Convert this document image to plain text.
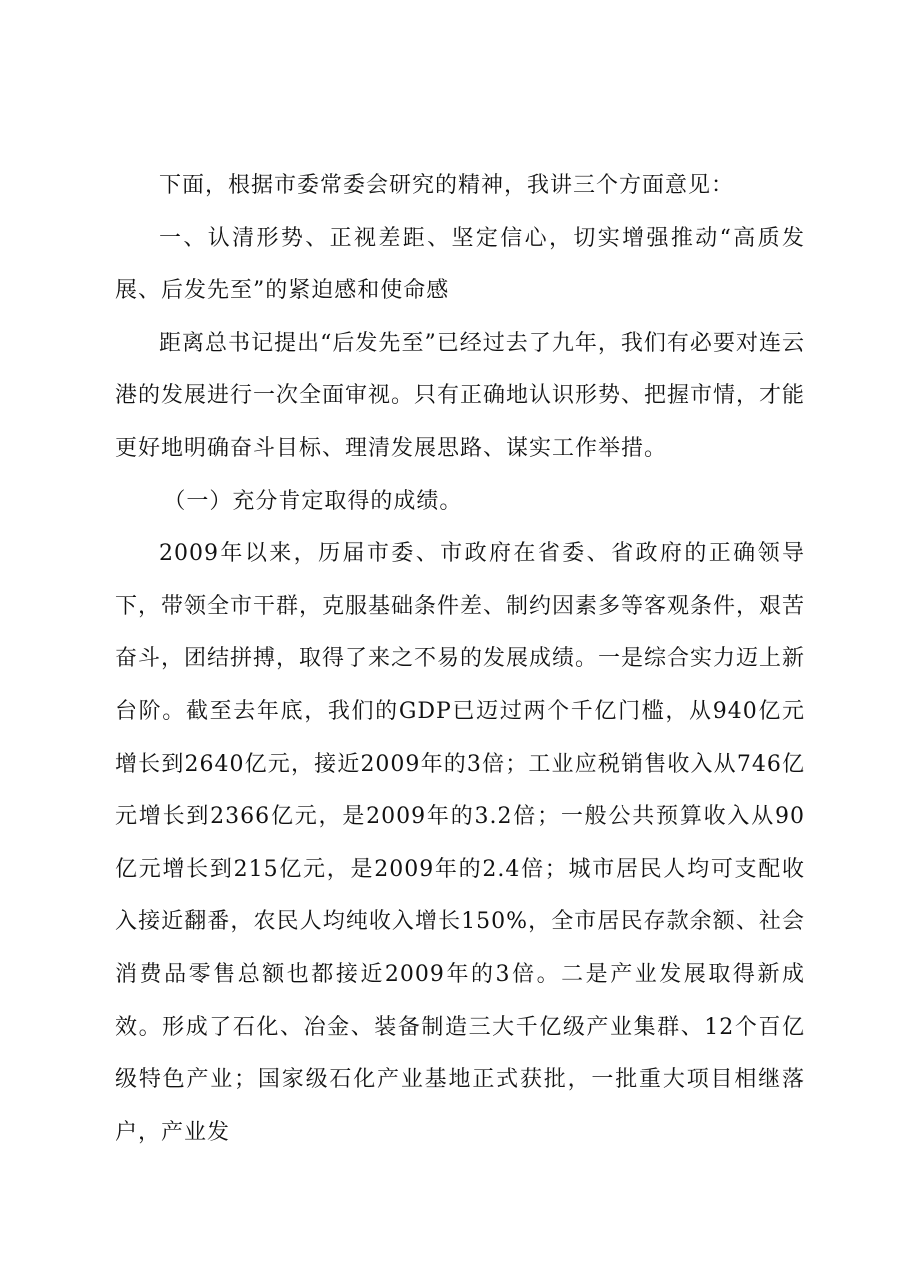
下面，根据市委常委会研究的精神，我讲三个方面意见：

一、认清形势、正视差距、坚定信心，切实增强推动“高质发展、后发先至”的紧迫感和使命感

距离总书记提出“后发先至”已经过去了九年，我们有必要对连云港的发展进行一次全面审视。只有正确地认识形势、把握市情，才能更好地明确奋斗目标、理清发展思路、谋实工作举措。

（一）充分肯定取得的成绩。

2009年以来，历届市委、市政府在省委、省政府的正确领导下，带领全市干群，克服基础条件差、制约因素多等客观条件，艰苦奋斗，团结拼搏，取得了来之不易的发展成绩。一是综合实力迈上新台阶。截至去年底，我们的GDP已迈过两个千亿门槛，从940亿元增长到2640亿元，接近2009年的3倍；工业应税销售收入从746亿元增长到2366亿元，是2009年的3.2倍；一般公共预算收入从90亿元增长到215亿元，是2009年的2.4倍；城市居民人均可支配收入接近翻番，农民人均纯收入增长150%，全市居民存款余额、社会消费品零售总额也都接近2009年的3倍。二是产业发展取得新成效。形成了石化、冶金、装备制造三大千亿级产业集群、12个百亿级特色产业；国家级石化产业基地正式获批，一批重大项目相继落户，产业发
